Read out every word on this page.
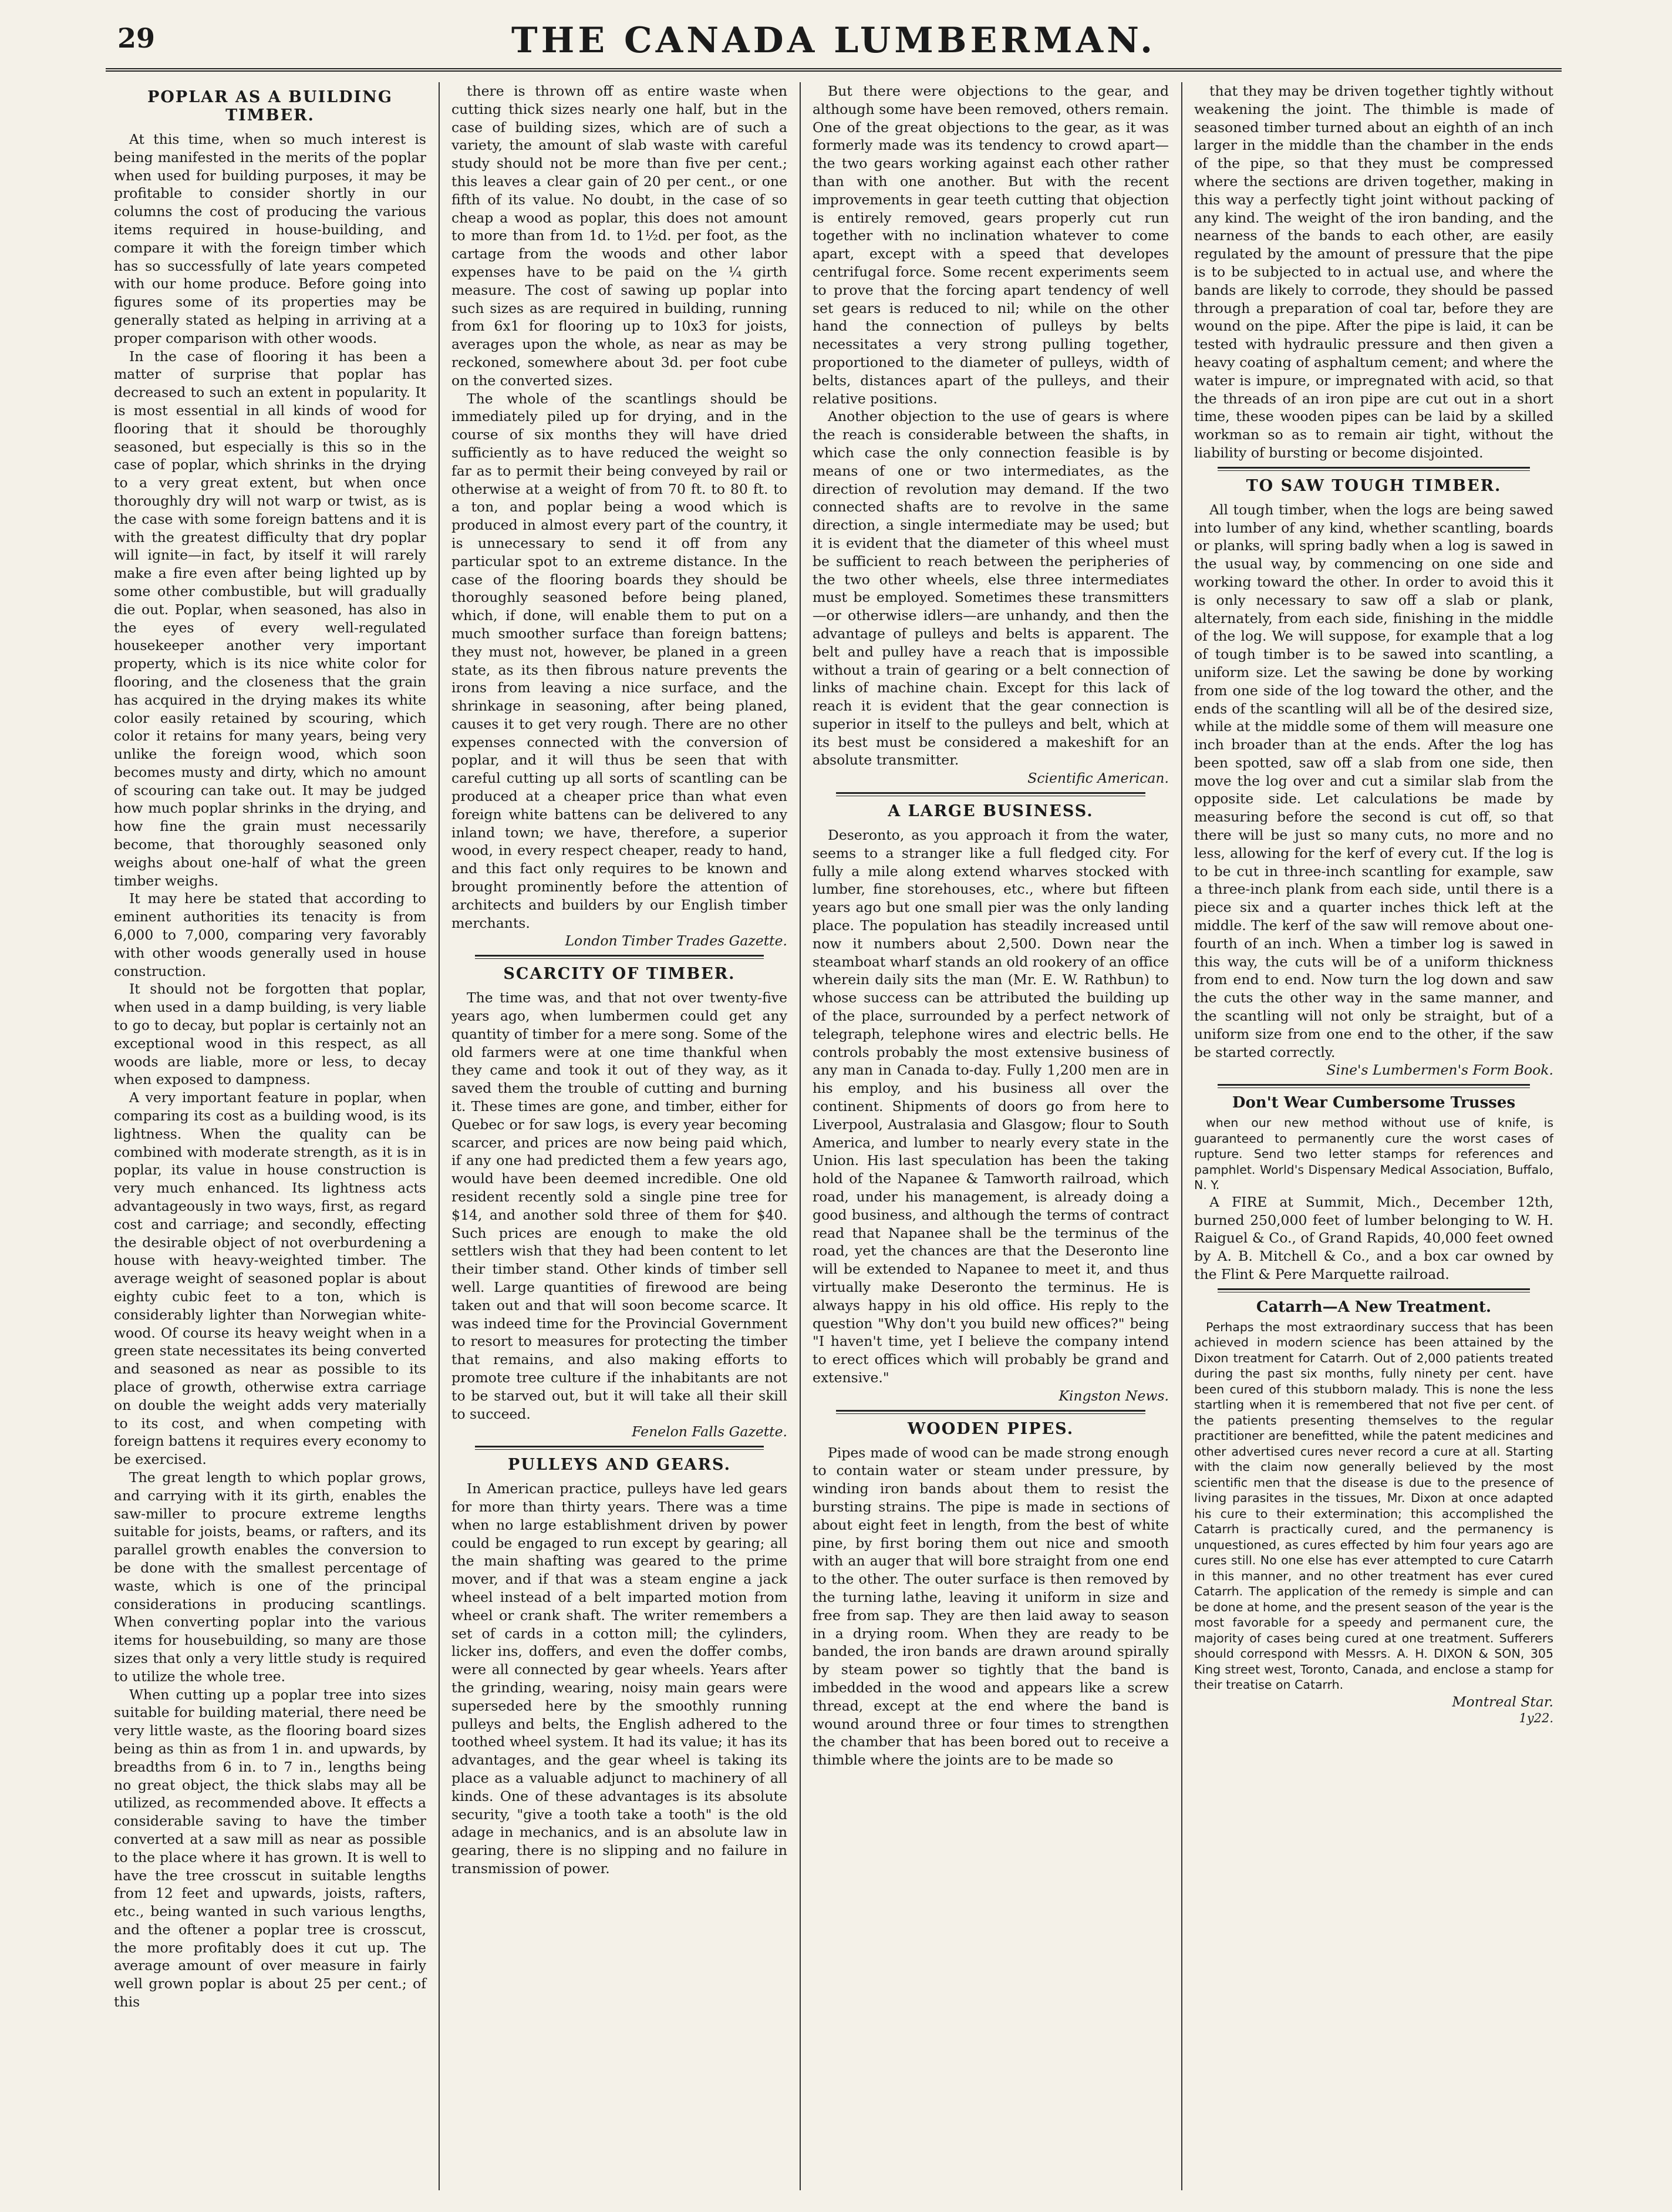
29	THE CANADA LUMBERMAN.
POPLAR AS A BUILDING TIMBER.

At this time, when so much interest is being manifested in the merits of the poplar when used for building purposes, it may be profitable to consider shortly in our columns the cost of producing the various items required in house-building, and compare it with the foreign timber which has so successfully of late years competed with our home produce. Before going into figures some of its properties may be generally stated as helping in arriving at a proper comparison with other woods.

In the case of flooring it has been a matter of surprise that poplar has decreased to such an extent in popularity. It is most essential in all kinds of wood for flooring that it should be thoroughly seasoned, but especially is this so in the case of poplar, which shrinks in the drying to a very great extent, but when once thoroughly dry will not warp or twist, as is the case with some foreign battens and it is with the greatest difficulty that dry poplar will ignite—in fact, by itself it will rarely make a fire even after being lighted up by some other combustible, but will gradually die out. Poplar, when seasoned, has also in the eyes of every well-regulated housekeeper another very important property, which is its nice white color for flooring, and the closeness that the grain has acquired in the drying makes its white color easily retained by scouring, which color it retains for many years, being very unlike the foreign wood, which soon becomes musty and dirty, which no amount of scouring can take out. It may be judged how much poplar shrinks in the drying, and how fine the grain must necessarily become, that thoroughly seasoned only weighs about one-half of what the green timber weighs.

It may here be stated that according to eminent authorities its tenacity is from 6,000 to 7,000, comparing very favorably with other woods generally used in house construction.

It should not be forgotten that poplar, when used in a damp building, is very liable to go to decay, but poplar is certainly not an exceptional wood in this respect, as all woods are liable, more or less, to decay when exposed to dampness.

A very important feature in poplar, when comparing its cost as a building wood, is its lightness. When the quality can be combined with moderate strength, as it is in poplar, its value in house construction is very much enhanced. Its lightness acts advantageously in two ways, first, as regard cost and carriage; and secondly, effecting the desirable object of not overburdening a house with heavy-weighted timber. The average weight of seasoned poplar is about eighty cubic feet to a ton, which is considerably lighter than Norwegian white-wood. Of course its heavy weight when in a green state necessitates its being converted and seasoned as near as possible to its place of growth, otherwise extra carriage on double the weight adds very materially to its cost, and when competing with foreign battens it requires every economy to be exercised.

The great length to which poplar grows, and carrying with it its girth, enables the saw-miller to procure extreme lengths suitable for joists, beams, or rafters, and its parallel growth enables the conversion to be done with the smallest percentage of waste, which is one of the principal considerations in producing scantlings. When converting poplar into the various items for housebuilding, so many are those sizes that only a very little study is required to utilize the whole tree.

When cutting up a poplar tree into sizes suitable for building material, there need be very little waste, as the flooring board sizes being as thin as from 1 in. and upwards, by breadths from 6 in. to 7 in., lengths being no great object, the thick slabs may all be utilized, as recommended above. It effects a considerable saving to have the timber converted at a saw mill as near as possible to the place where it has grown. It is well to have the tree crosscut in suitable lengths from 12 feet and upwards, joists, rafters, etc., being wanted in such various lengths, and the oftener a poplar tree is crosscut, the more profitably does it cut up. The average amount of over measure in fairly well grown poplar is about 25 per cent.; of this

there is thrown off as entire waste when cutting thick sizes nearly one half, but in the case of building sizes, which are of such a variety, the amount of slab waste with careful study should not be more than five per cent.; this leaves a clear gain of 20 per cent., or one fifth of its value. No doubt, in the case of so cheap a wood as poplar, this does not amount to more than from 1d. to 1½d. per foot, as the cartage from the woods and other labor expenses have to be paid on the ¼ girth measure. The cost of sawing up poplar into such sizes as are required in building, running from 6x1 for flooring up to 10x3 for joists, averages upon the whole, as near as may be reckoned, somewhere about 3d. per foot cube on the converted sizes.

The whole of the scantlings should be immediately piled up for drying, and in the course of six months they will have dried sufficiently as to have reduced the weight so far as to permit their being conveyed by rail or otherwise at a weight of from 70 ft. to 80 ft. to a ton, and poplar being a wood which is produced in almost every part of the country, it is unnecessary to send it off from any particular spot to an extreme distance. In the case of the flooring boards they should be thoroughly seasoned before being planed, which, if done, will enable them to put on a much smoother surface than foreign battens; they must not, however, be planed in a green state, as its then fibrous nature prevents the irons from leaving a nice surface, and the shrinkage in seasoning, after being planed, causes it to get very rough. There are no other expenses connected with the conversion of poplar, and it will thus be seen that with careful cutting up all sorts of scantling can be produced at a cheaper price than what even foreign white battens can be delivered to any inland town; we have, therefore, a superior wood, in every respect cheaper, ready to hand, and this fact only requires to be known and brought prominently before the attention of architects and builders by our English timber merchants.

London Timber Trades Gazette.
SCARCITY OF TIMBER.

The time was, and that not over twenty-five years ago, when lumbermen could get any quantity of timber for a mere song. Some of the old farmers were at one time thankful when they came and took it out of they way, as it saved them the trouble of cutting and burning it. These times are gone, and timber, either for Quebec or for saw logs, is every year becoming scarcer, and prices are now being paid which, if any one had predicted them a few years ago, would have been deemed incredible. One old resident recently sold a single pine tree for $14, and another sold three of them for $40. Such prices are enough to make the old settlers wish that they had been content to let their timber stand. Other kinds of timber sell well. Large quantities of firewood are being taken out and that will soon become scarce. It was indeed time for the Provincial Government to resort to measures for protecting the timber that remains, and also making efforts to promote tree culture if the inhabitants are not to be starved out, but it will take all their skill to succeed.

Fenelon Falls Gazette.
PULLEYS AND GEARS.

In American practice, pulleys have led gears for more than thirty years. There was a time when no large establishment driven by power could be engaged to run except by gearing; all the main shafting was geared to the prime mover, and if that was a steam engine a jack wheel instead of a belt imparted motion from wheel or crank shaft. The writer remembers a set of cards in a cotton mill; the cylinders, licker ins, doffers, and even the doffer combs, were all connected by gear wheels. Years after the grinding, wearing, noisy main gears were superseded here by the smoothly running pulleys and belts, the English adhered to the toothed wheel system. It had its value; it has its advantages, and the gear wheel is taking its place as a valuable adjunct to machinery of all kinds. One of these advantages is its absolute security, "give a tooth take a tooth" is the old adage in mechanics, and is an absolute law in gearing, there is no slipping and no failure in transmission of power.

But there were objections to the gear, and although some have been removed, others remain. One of the great objections to the gear, as it was formerly made was its tendency to crowd apart—the two gears working against each other rather than with one another. But with the recent improvements in gear teeth cutting that objection is entirely removed, gears properly cut run together with no inclination whatever to come apart, except with a speed that developes centrifugal force. Some recent experiments seem to prove that the forcing apart tendency of well set gears is reduced to nil; while on the other hand the connection of pulleys by belts necessitates a very strong pulling together, proportioned to the diameter of pulleys, width of belts, distances apart of the pulleys, and their relative positions.

Another objection to the use of gears is where the reach is considerable between the shafts, in which case the only connection feasible is by means of one or two intermediates, as the direction of revolution may demand. If the two connected shafts are to revolve in the same direction, a single intermediate may be used; but it is evident that the diameter of this wheel must be sufficient to reach between the peripheries of the two other wheels, else three intermediates must be employed. Sometimes these transmitters—or otherwise idlers—are unhandy, and then the advantage of pulleys and belts is apparent. The belt and pulley have a reach that is impossible without a train of gearing or a belt connection of links of machine chain. Except for this lack of reach it is evident that the gear connection is superior in itself to the pulleys and belt, which at its best must be considered a makeshift for an absolute transmitter.

Scientific American.
A LARGE BUSINESS.

Deseronto, as you approach it from the water, seems to a stranger like a full fledged city. For fully a mile along extend wharves stocked with lumber, fine storehouses, etc., where but fifteen years ago but one small pier was the only landing place. The population has steadily increased until now it numbers about 2,500. Down near the steamboat wharf stands an old rookery of an office wherein daily sits the man (Mr. E. W. Rathbun) to whose success can be attributed the building up of the place, surrounded by a perfect network of telegraph, telephone wires and electric bells. He controls probably the most extensive business of any man in Canada to-day. Fully 1,200 men are in his employ, and his business all over the continent. Shipments of doors go from here to Liverpool, Australasia and Glasgow; flour to South America, and lumber to nearly every state in the Union. His last speculation has been the taking hold of the Napanee & Tamworth railroad, which road, under his management, is already doing a good business, and although the terms of contract read that Napanee shall be the terminus of the road, yet the chances are that the Deseronto line will be extended to Napanee to meet it, and thus virtually make Deseronto the terminus. He is always happy in his old office. His reply to the question "Why don't you build new offices?" being "I haven't time, yet I believe the company intend to erect offices which will probably be grand and extensive."

Kingston News.
WOODEN PIPES.

Pipes made of wood can be made strong enough to contain water or steam under pressure, by winding iron bands about them to resist the bursting strains. The pipe is made in sections of about eight feet in length, from the best of white pine, by first boring them out nice and smooth with an auger that will bore straight from one end to the other. The outer surface is then removed by the turning lathe, leaving it uniform in size and free from sap. They are then laid away to season in a drying room. When they are ready to be banded, the iron bands are drawn around spirally by steam power so tightly that the band is imbedded in the wood and appears like a screw thread, except at the end where the band is wound around three or four times to strengthen the chamber that has been bored out to receive a thimble where the joints are to be made so

that they may be driven together tightly without weakening the joint. The thimble is made of seasoned timber turned about an eighth of an inch larger in the middle than the chamber in the ends of the pipe, so that they must be compressed where the sections are driven together, making in this way a perfectly tight joint without packing of any kind. The weight of the iron banding, and the nearness of the bands to each other, are easily regulated by the amount of pressure that the pipe is to be subjected to in actual use, and where the bands are likely to corrode, they should be passed through a preparation of coal tar, before they are wound on the pipe. After the pipe is laid, it can be tested with hydraulic pressure and then given a heavy coating of asphaltum cement; and where the water is impure, or impregnated with acid, so that the threads of an iron pipe are cut out in a short time, these wooden pipes can be laid by a skilled workman so as to remain air tight, without the liability of bursting or become disjointed.

TO SAW TOUGH TIMBER.

All tough timber, when the logs are being sawed into lumber of any kind, whether scantling, boards or planks, will spring badly when a log is sawed in the usual way, by commencing on one side and working toward the other. In order to avoid this it is only necessary to saw off a slab or plank, alternately, from each side, finishing in the middle of the log. We will suppose, for example that a log of tough timber is to be sawed into scantling, a uniform size. Let the sawing be done by working from one side of the log toward the other, and the ends of the scantling will all be of the desired size, while at the middle some of them will measure one inch broader than at the ends. After the log has been spotted, saw off a slab from one side, then move the log over and cut a similar slab from the opposite side. Let calculations be made by measuring before the second is cut off, so that there will be just so many cuts, no more and no less, allowing for the kerf of every cut. If the log is to be cut in three-inch scantling for example, saw a three-inch plank from each side, until there is a piece six and a quarter inches thick left at the middle. The kerf of the saw will remove about one-fourth of an inch. When a timber log is sawed in this way, the cuts will be of a uniform thickness from end to end. Now turn the log down and saw the cuts the other way in the same manner, and the scantling will not only be straight, but of a uniform size from one end to the other, if the saw be started correctly.

Sine's Lumbermen's Form Book.
Don't Wear Cumbersome Trusses

when our new method without use of knife, is guaranteed to permanently cure the worst cases of rupture. Send two letter stamps for references and pamphlet. World's Dispensary Medical Association, Buffalo, N. Y.

A FIRE at Summit, Mich., December 12th, burned 250,000 feet of lumber belonging to W. H. Raiguel & Co., of Grand Rapids, 40,000 feet owned by A. B. Mitchell & Co., and a box car owned by the Flint & Pere Marquette railroad.

Catarrh—A New Treatment.

Perhaps the most extraordinary success that has been achieved in modern science has been attained by the Dixon treatment for Catarrh. Out of 2,000 patients treated during the past six months, fully ninety per cent. have been cured of this stubborn malady. This is none the less startling when it is remembered that not five per cent. of the patients presenting themselves to the regular practitioner are benefitted, while the patent medicines and other advertised cures never record a cure at all. Starting with the claim now generally believed by the most scientific men that the disease is due to the presence of living parasites in the tissues, Mr. Dixon at once adapted his cure to their extermination; this accomplished the Catarrh is practically cured, and the permanency is unquestioned, as cures effected by him four years ago are cures still. No one else has ever attempted to cure Catarrh in this manner, and no other treatment has ever cured Catarrh. The application of the remedy is simple and can be done at home, and the present season of the year is the most favorable for a speedy and permanent cure, the majority of cases being cured at one treatment. Sufferers should correspond with Messrs. A. H. DIXON & SON, 305 King street west, Toronto, Canada, and enclose a stamp for their treatise on Catarrh.

Montreal Star.

1y22.
